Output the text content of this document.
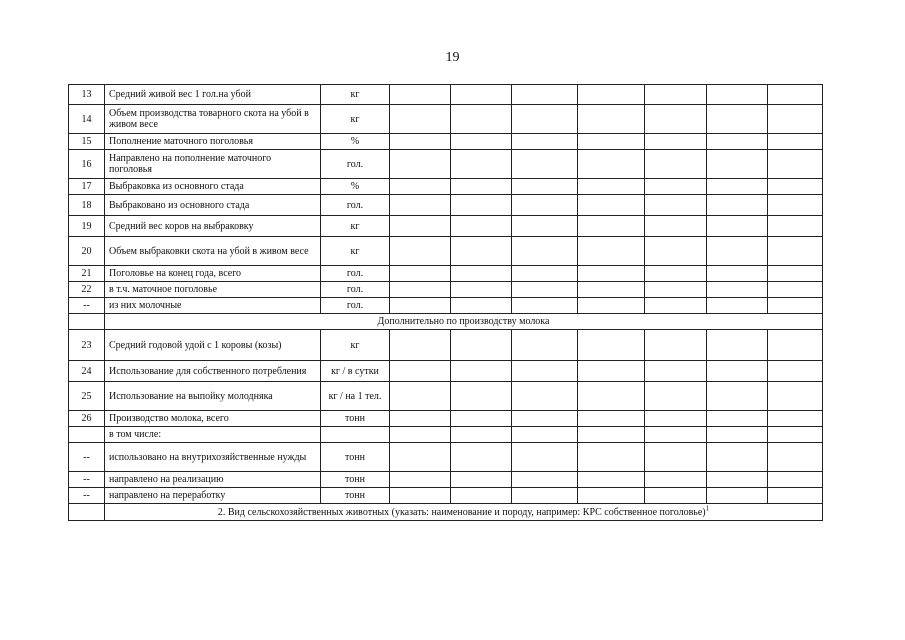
19
13	Средний живой вес 1 гол.на убой	кг							
14	Объем производства товарного скота на убой в живом весе	кг							
15	Пополнение маточного поголовья	%							
16	Направлено на пополнение маточного поголовья	гол.							
17	Выбраковка из основного стада	%							
18	Выбраковано из основного стада	гол.							
19	Средний вес коров на выбраковку	кг							
20	Объем выбраковки скота на убой в живом весе	кг							
21	Поголовье на конец года, всего	гол.							
22	в т.ч. маточное поголовье	гол.							
--	из них молочные	гол.							
	Дополнительно по производству молока								
23	Средний годовой удой с 1 коровы (козы)	кг							
24	Использование для собственного потребления	кг / в сутки							
25	Использование на выпойку молодняка	кг / на 1 тел.							
26	Производство молока, всего	тонн							
	в том числе:								
--	использовано на внутрихозяйственные нужды	тонн							
--	направлено на реализацию	тонн							
--	направлено на переработку	тонн							
	2. Вид сельскохозяйственных животных (указать: наименование и породу, например: КРС собственное поголовье)$^1$
